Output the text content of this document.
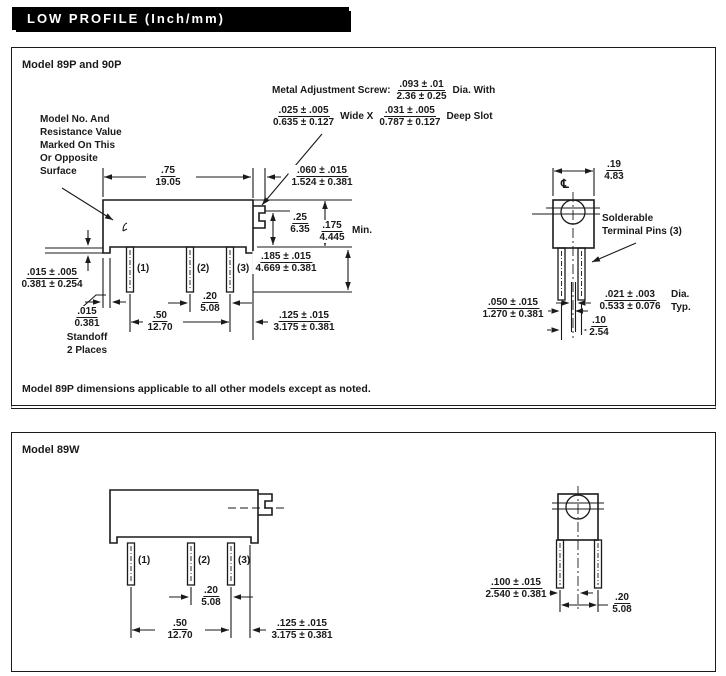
LOW PROFILE (Inch/mm)
Model 89P and 90P
Metal Adjustment Screw:
.093 ± .01
2.36 ± 0.25
Dia. With
.025 ± .005
0.635 ± 0.127
Wide X
.031 ± .005
0.787 ± 0.127
Deep Slot
Model No. And
Resistance Value
Marked On This
Or Opposite
Surface	$\frac{.75}{19.05}$	$\frac{.060 \pm .015}{1.524 \pm 0.381}$
$\frac{.25}{6.35} \frac{.175}{4.445}$ Min.
$\frac{.185 \pm .015}{4.669 \pm 0.381}$
$\frac{.015 \pm .005}{0.381 \pm 0.254}$
$\frac{.015}{0.381}$
Standoff
2 Places
(1)	(2)	(3)
$\frac{.20}{5.08}$
$\frac{.50}{12.70}$	$\frac{.125 \pm .015}{3.175 \pm 0.381}$
℄
$\frac{.19}{4.83}$
Solderable
Terminal Pins (3)
$\frac{.050 \pm .015}{1.270 \pm 0.381}$	$\frac{.021 \pm .003}{0.533 \pm 0.076}$ Dia.
Typ.
$\frac{.10}{2.54}$
Model 89P dimensions applicable to all other models except as noted.
Model 89W
(1)	(2)	(3)
$\frac{.20}{5.08}$
$\frac{.50}{12.70}$	$\frac{.125 \pm .015}{3.175 \pm 0.381}$
$\frac{.100 \pm .015}{2.540 \pm 0.381}$
$\frac{.20}{5.08}$
